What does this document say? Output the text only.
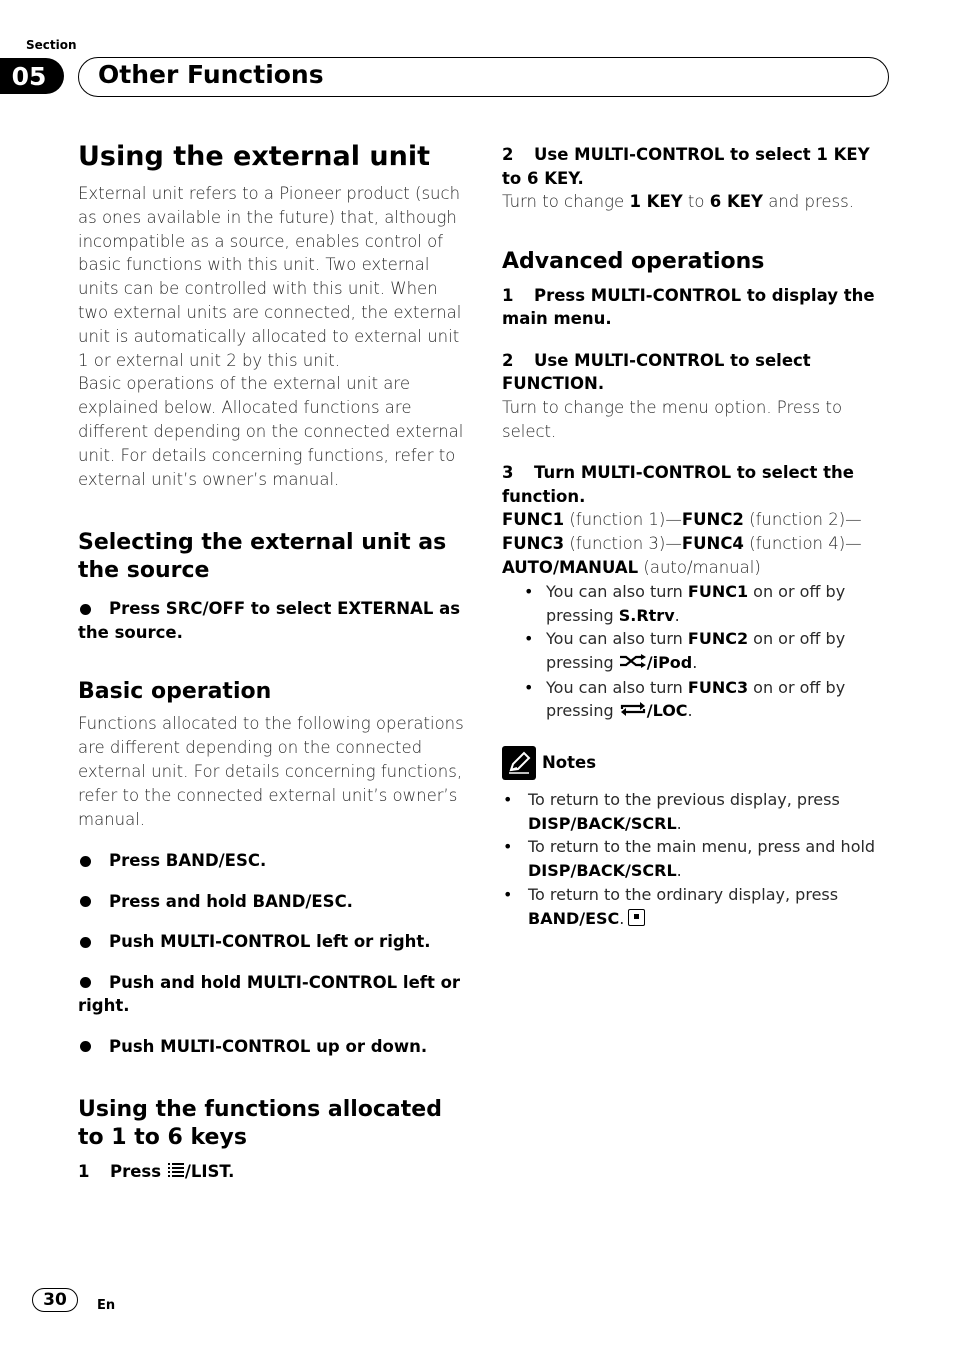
Section
05	Other Functions
Using the external unit

External unit refers to a Pioneer product (such as ones available in the future) that, although incompatible as a source, enables control of basic functions with this unit. Two external units can be controlled with this unit. When two external units are connected, the external unit is automatically allocated to external unit 1 or external unit 2 by this unit.

Basic operations of the external unit are explained below. Allocated functions are different depending on the connected external unit. For details concerning functions, refer to external unit’s owner’s manual.

Selecting the external unit as the source

Press SRC/OFF to select EXTERNAL as the source.

Basic operation

Functions allocated to the following operations are different depending on the connected external unit. For details concerning functions, refer to the connected external unit’s owner’s manual.

Press BAND/ESC.

Press and hold BAND/ESC.

Push MULTI-CONTROL left or right.

Push and hold MULTI-CONTROL left or right.

Push MULTI-CONTROL up or down.

Using the functions allocated to 1 to 6 keys

1 Press /LIST.

2 Use MULTI-CONTROL to select 1 KEY to 6 KEY.

Turn to change 1 KEY to 6 KEY and press.

Advanced operations

1 Press MULTI-CONTROL to display the main menu.

2 Use MULTI-CONTROL to select FUNCTION.

Turn to change the menu option. Press to select.

3 Turn MULTI-CONTROL to select the function.

FUNC1 (function 1)—FUNC2 (function 2)—
FUNC3 (function 3)—FUNC4 (function 4)—
AUTO/MANUAL (auto/manual)

• You can also turn FUNC1 on or off by pressing S.Rtrv.
• You can also turn FUNC2 on or off by pressing /iPod.
• You can also turn FUNC3 on or off by pressing /LOC.
Notes
• To return to the previous display, press DISP/BACK/SCRL.
• To return to the main menu, press and hold DISP/BACK/SCRL.
• To return to the ordinary display, press BAND/ESC.
30	En
